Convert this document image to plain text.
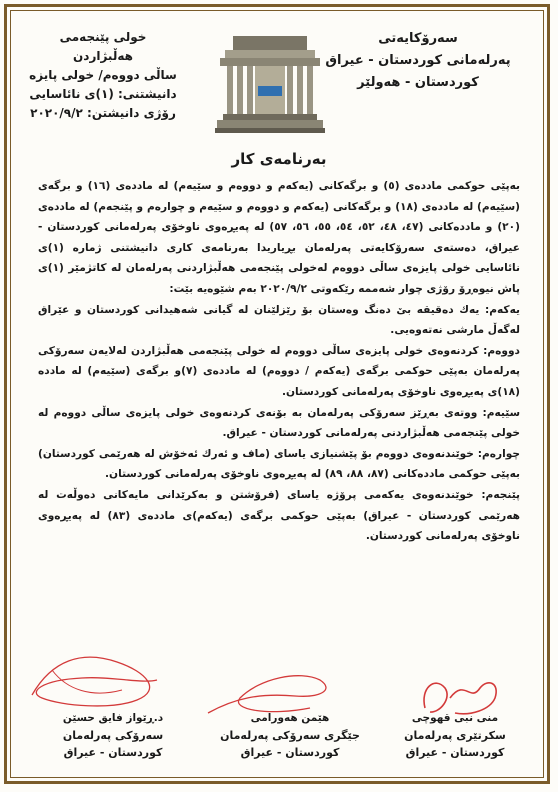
سەرۆكایەتی
پەرلەمانی كوردستان - عیراق
كوردستان - هەولێر
خولی پێنجەمی هەڵبژاردن
ساڵی دووەم/ خولی پایزە
دانیشتنی: (١)ی نائاسایی
رۆژی دانیشتن: ٢٠٢٠/٩/٢
بەرنامەی كار

بەپێی حوكمی ماددەی (٥) و برگەكانی (یەكەم و دووەم و سێیەم) لە ماددەی (١٦) و برگەی (سێیەم) لە ماددەی (١٨) و برگەكانی (یەكەم و دووەم و سێیەم و چوارەم و پێنجەم) لە ماددەی (٢٠) و ماددەكانی (٤٧، ٤٨، ٥٢، ٥٤، ٥٥، ٥٦، ٥٧) لە پەیڕەوی ناوخۆی پەرلەمانی كوردستان - عیراق، دەستەی سەرۆكایەتی پەرلەمان بڕیاریدا بەرنامەی كاری دانیشتنی ژمارە (١)ی نائاسایی خولی پایزەی ساڵی دووەم لەخولی پێنجەمی هەڵبژاردنی پەرلەمان لە كاتژمێر (١)ی پاش نیوەڕۆ رۆژی چوار شەممە رێكەوتی ٢٠٢٠/٩/٢ بەم شێوەیە بێت:

یەكەم: یەك دەقیقە بێ دەنگ وەستان بۆ رێزلێنان لە گیانی شەهیدانی كوردستان و عێراق لەگەڵ مارشی نەتەوەیی.

دووەم: كردنەوەی خولی پایزەی ساڵی دووەم لە خولی پێنجەمی هەڵبژاردن لەلایەن سەرۆكی پەرلەمان بەپێی حوكمی برگەی (یەكەم / دووەم) لە ماددەی (٧)و برگەی (سێیەم) لە ماددە (١٨)ی پەیڕەوی ناوخۆی پەرلەمانی كوردستان.

سێیەم: ووتەی بەڕێز سەرۆكی پەرلەمان بە بۆنەی كردنەوەی خولی پایزەی ساڵی دووەم لە خولی پێنجەمی هەڵبژاردنی پەرلەمانی كوردستان - عیراق.

چوارەم: خوێندنەوەی دووەم بۆ پێشنیازی یاسای (ماف و ئەرك ئەخۆش لە هەرێمی كوردستان) بەپێی حوكمی ماددەكانی (٨٧، ٨٨، ٨٩) لە پەیڕەوی ناوخۆی پەرلەمانی كوردستان.

پێنجەم: خوێندنەوەی یەكەمی پرۆژە یاسای (فرۆشتن و بەكرێدانی مایەكانی دەوڵەت لە هەرێمی كوردستان - عیراق) بەپێی حوكمی برگەی (یەكەم)ی ماددەی (٨٣) لە پەیڕەوی ناوخۆی پەرلەمانی كوردستان.

منی نبی قهوچی
سكرتێری پەرلەمان
كوردستان - عیراق
هێمن هەورامی
جێگری سەرۆكی پەرلەمان
كوردستان - عیراق
د.ڕێواز فایق حسێن
سەرۆكی پەرلەمان
كوردستان - عیراق
